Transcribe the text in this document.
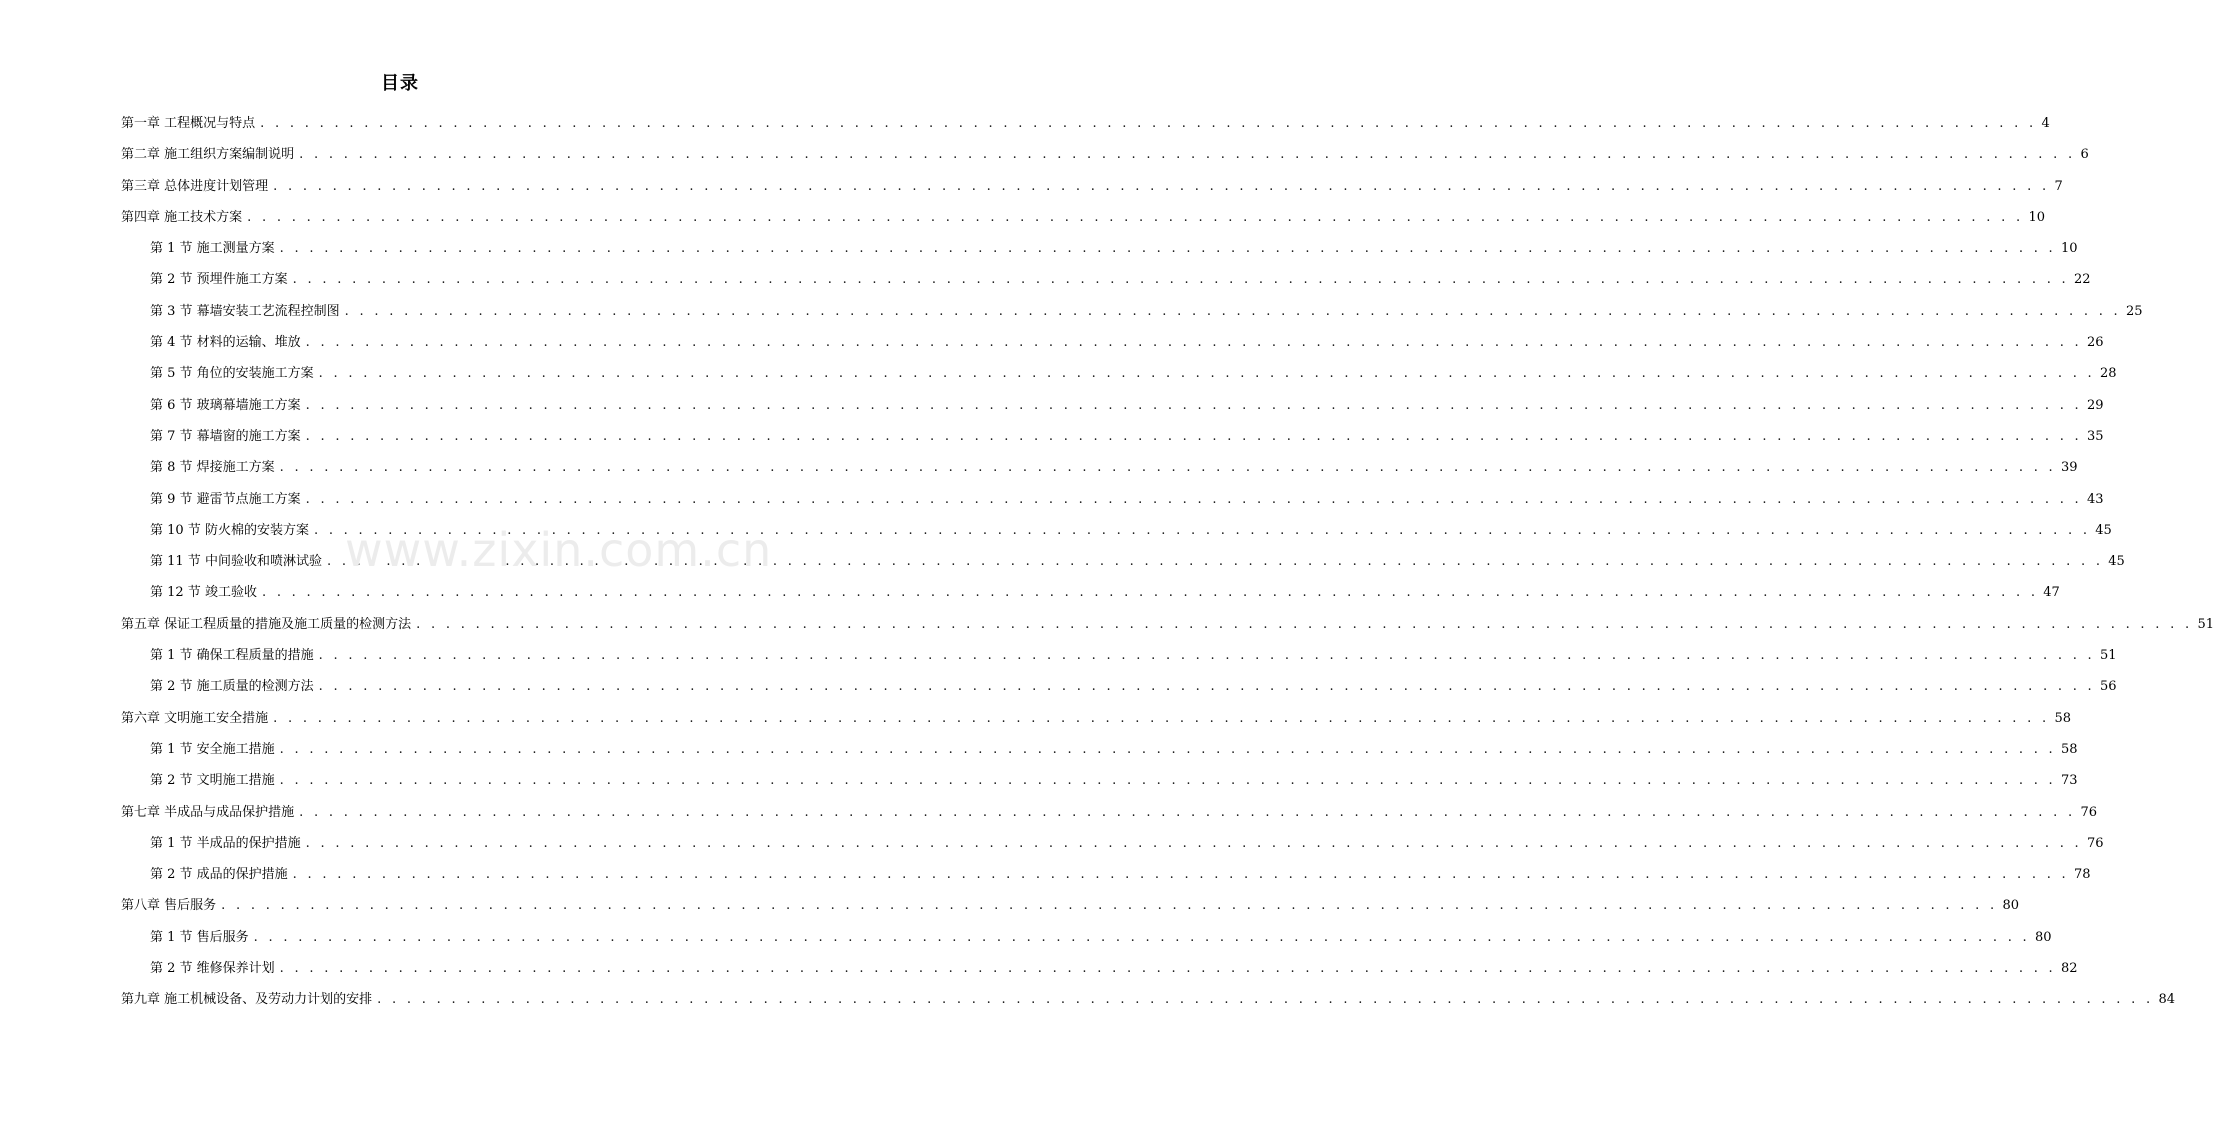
目录
第一章 工程概况与特点 . . . . . . . . . . . . . . . . . . . . . . . . . . . . . . . . . . . . . . . . . . . . . . . . . . . . . . . . . . . . . . . . . . . . . . . . . . . . . . . . . . . . . . . . . . . . . . . . . . . . . . . . . . . . . . . . . . . . . . . . 4
第二章 施工组织方案编制说明 . . . . . . . . . . . . . . . . . . . . . . . . . . . . . . . . . . . . . . . . . . . . . . . . . . . . . . . . . . . . . . . . . . . . . . . . . . . . . . . . . . . . . . . . . . . . . . . . . . . . . . . . . . . . . . . . . . . . . . . . 6
第三章 总体进度计划管理 . . . . . . . . . . . . . . . . . . . . . . . . . . . . . . . . . . . . . . . . . . . . . . . . . . . . . . . . . . . . . . . . . . . . . . . . . . . . . . . . . . . . . . . . . . . . . . . . . . . . . . . . . . . . . . . . . . . . . . . . 7
第四章 施工技术方案 . . . . . . . . . . . . . . . . . . . . . . . . . . . . . . . . . . . . . . . . . . . . . . . . . . . . . . . . . . . . . . . . . . . . . . . . . . . . . . . . . . . . . . . . . . . . . . . . . . . . . . . . . . . . . . . . . . . . . . . . 10
第 1 节 施工测量方案 . . . . . . . . . . . . . . . . . . . . . . . . . . . . . . . . . . . . . . . . . . . . . . . . . . . . . . . . . . . . . . . . . . . . . . . . . . . . . . . . . . . . . . . . . . . . . . . . . . . . . . . . . . . . . . . . . . . . . . . . 10
第 2 节 预埋件施工方案 . . . . . . . . . . . . . . . . . . . . . . . . . . . . . . . . . . . . . . . . . . . . . . . . . . . . . . . . . . . . . . . . . . . . . . . . . . . . . . . . . . . . . . . . . . . . . . . . . . . . . . . . . . . . . . . . . . . . . . . . 22
第 3 节 幕墙安装工艺流程控制图 . . . . . . . . . . . . . . . . . . . . . . . . . . . . . . . . . . . . . . . . . . . . . . . . . . . . . . . . . . . . . . . . . . . . . . . . . . . . . . . . . . . . . . . . . . . . . . . . . . . . . . . . . . . . . . . . . . . . . . . . 25
第 4 节 材料的运输、堆放 . . . . . . . . . . . . . . . . . . . . . . . . . . . . . . . . . . . . . . . . . . . . . . . . . . . . . . . . . . . . . . . . . . . . . . . . . . . . . . . . . . . . . . . . . . . . . . . . . . . . . . . . . . . . . . . . . . . . . . . . 26
第 5 节 角位的安装施工方案 . . . . . . . . . . . . . . . . . . . . . . . . . . . . . . . . . . . . . . . . . . . . . . . . . . . . . . . . . . . . . . . . . . . . . . . . . . . . . . . . . . . . . . . . . . . . . . . . . . . . . . . . . . . . . . . . . . . . . . . . 28
第 6 节 玻璃幕墙施工方案 . . . . . . . . . . . . . . . . . . . . . . . . . . . . . . . . . . . . . . . . . . . . . . . . . . . . . . . . . . . . . . . . . . . . . . . . . . . . . . . . . . . . . . . . . . . . . . . . . . . . . . . . . . . . . . . . . . . . . . . . 29
第 7 节 幕墙窗的施工方案 . . . . . . . . . . . . . . . . . . . . . . . . . . . . . . . . . . . . . . . . . . . . . . . . . . . . . . . . . . . . . . . . . . . . . . . . . . . . . . . . . . . . . . . . . . . . . . . . . . . . . . . . . . . . . . . . . . . . . . . . 35
第 8 节 焊接施工方案 . . . . . . . . . . . . . . . . . . . . . . . . . . . . . . . . . . . . . . . . . . . . . . . . . . . . . . . . . . . . . . . . . . . . . . . . . . . . . . . . . . . . . . . . . . . . . . . . . . . . . . . . . . . . . . . . . . . . . . . . 39
第 9 节 避雷节点施工方案 . . . . . . . . . . . . . . . . . . . . . . . . . . . . . . . . . . . . . . . . . . . . . . . . . . . . . . . . . . . . . . . . . . . . . . . . . . . . . . . . . . . . . . . . . . . . . . . . . . . . . . . . . . . . . . . . . . . . . . . . 43
第 10 节 防火棉的安装方案 . . . . . . . . . . . . . . . . . . . . . . . . . . . . . . . . . . . . . . . . . . . . . . . . . . . . . . . . . . . . . . . . . . . . . . . . . . . . . . . . . . . . . . . . . . . . . . . . . . . . . . . . . . . . . . . . . . . . . . . . 45
第 11 节 中间验收和喷淋试验 . . . . . . . . . . . . . . . . . . . . . . . . . . . . . . . . . . . . . . . . . . . . . . . . . . . . . . . . . . . . . . . . . . . . . . . . . . . . . . . . . . . . . . . . . . . . . . . . . . . . . . . . . . . . . . . . . . . . . . . . 45
第 12 节 竣工验收 . . . . . . . . . . . . . . . . . . . . . . . . . . . . . . . . . . . . . . . . . . . . . . . . . . . . . . . . . . . . . . . . . . . . . . . . . . . . . . . . . . . . . . . . . . . . . . . . . . . . . . . . . . . . . . . . . . . . . . . . 47
第五章 保证工程质量的措施及施工质量的检测方法 . . . . . . . . . . . . . . . . . . . . . . . . . . . . . . . . . . . . . . . . . . . . . . . . . . . . . . . . . . . . . . . . . . . . . . . . . . . . . . . . . . . . . . . . . . . . . . . . . . . . . . . . . . . . . . . . . . . . . . . . 51
第 1 节 确保工程质量的措施 . . . . . . . . . . . . . . . . . . . . . . . . . . . . . . . . . . . . . . . . . . . . . . . . . . . . . . . . . . . . . . . . . . . . . . . . . . . . . . . . . . . . . . . . . . . . . . . . . . . . . . . . . . . . . . . . . . . . . . . . 51
第 2 节 施工质量的检测方法 . . . . . . . . . . . . . . . . . . . . . . . . . . . . . . . . . . . . . . . . . . . . . . . . . . . . . . . . . . . . . . . . . . . . . . . . . . . . . . . . . . . . . . . . . . . . . . . . . . . . . . . . . . . . . . . . . . . . . . . . 56
第六章 文明施工安全措施 . . . . . . . . . . . . . . . . . . . . . . . . . . . . . . . . . . . . . . . . . . . . . . . . . . . . . . . . . . . . . . . . . . . . . . . . . . . . . . . . . . . . . . . . . . . . . . . . . . . . . . . . . . . . . . . . . . . . . . . . 58
第 1 节 安全施工措施 . . . . . . . . . . . . . . . . . . . . . . . . . . . . . . . . . . . . . . . . . . . . . . . . . . . . . . . . . . . . . . . . . . . . . . . . . . . . . . . . . . . . . . . . . . . . . . . . . . . . . . . . . . . . . . . . . . . . . . . . 58
第 2 节 文明施工措施 . . . . . . . . . . . . . . . . . . . . . . . . . . . . . . . . . . . . . . . . . . . . . . . . . . . . . . . . . . . . . . . . . . . . . . . . . . . . . . . . . . . . . . . . . . . . . . . . . . . . . . . . . . . . . . . . . . . . . . . . 73
第七章 半成品与成品保护措施 . . . . . . . . . . . . . . . . . . . . . . . . . . . . . . . . . . . . . . . . . . . . . . . . . . . . . . . . . . . . . . . . . . . . . . . . . . . . . . . . . . . . . . . . . . . . . . . . . . . . . . . . . . . . . . . . . . . . . . . . 76
第 1 节 半成品的保护措施 . . . . . . . . . . . . . . . . . . . . . . . . . . . . . . . . . . . . . . . . . . . . . . . . . . . . . . . . . . . . . . . . . . . . . . . . . . . . . . . . . . . . . . . . . . . . . . . . . . . . . . . . . . . . . . . . . . . . . . . . 76
第 2 节 成品的保护措施 . . . . . . . . . . . . . . . . . . . . . . . . . . . . . . . . . . . . . . . . . . . . . . . . . . . . . . . . . . . . . . . . . . . . . . . . . . . . . . . . . . . . . . . . . . . . . . . . . . . . . . . . . . . . . . . . . . . . . . . . 78
第八章 售后服务 . . . . . . . . . . . . . . . . . . . . . . . . . . . . . . . . . . . . . . . . . . . . . . . . . . . . . . . . . . . . . . . . . . . . . . . . . . . . . . . . . . . . . . . . . . . . . . . . . . . . . . . . . . . . . . . . . . . . . . . . 80
第 1 节 售后服务 . . . . . . . . . . . . . . . . . . . . . . . . . . . . . . . . . . . . . . . . . . . . . . . . . . . . . . . . . . . . . . . . . . . . . . . . . . . . . . . . . . . . . . . . . . . . . . . . . . . . . . . . . . . . . . . . . . . . . . . . 80
第 2 节 维修保养计划 . . . . . . . . . . . . . . . . . . . . . . . . . . . . . . . . . . . . . . . . . . . . . . . . . . . . . . . . . . . . . . . . . . . . . . . . . . . . . . . . . . . . . . . . . . . . . . . . . . . . . . . . . . . . . . . . . . . . . . . . 82
第九章 施工机械设备、及劳动力计划的安排 . . . . . . . . . . . . . . . . . . . . . . . . . . . . . . . . . . . . . . . . . . . . . . . . . . . . . . . . . . . . . . . . . . . . . . . . . . . . . . . . . . . . . . . . . . . . . . . . . . . . . . . . . . . . . . . . . . . . . . . . 84
www.zixin.com.cn
